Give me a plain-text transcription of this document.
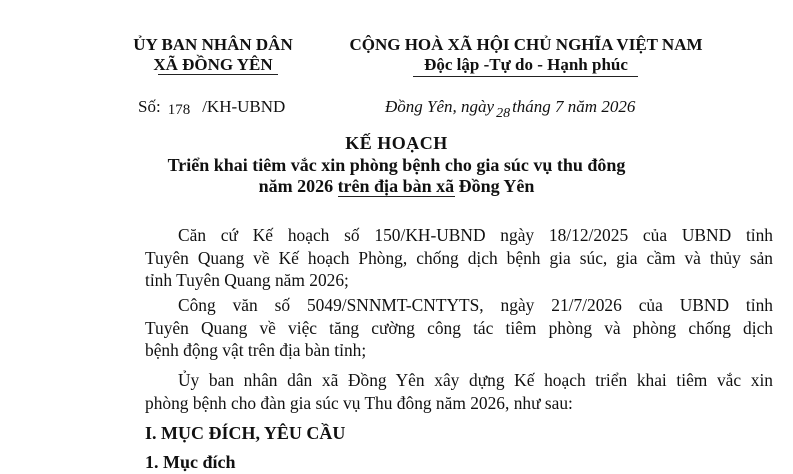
ỦY BAN NHÂN DÂN
XÃ ĐỒNG YÊN
CỘNG HOÀ XÃ HỘI CHỦ NGHĨA VIỆT NAM
Độc lập -Tự do - Hạnh phúc
Số: 178 /KH-UBND	Đồng Yên, ngày $_{28}$ tháng 7 năm 2026
KẾ HOẠCH
Triển khai tiêm vắc xin phòng bệnh cho gia súc vụ thu đông
năm 2026 trên địa bàn xã Đồng Yên

Căn cứ Kế hoạch số 150/KH-UBND ngày 18/12/2025 của UBND tỉnh

Tuyên Quang về Kế hoạch Phòng, chống dịch bệnh gia súc, gia cầm và thủy sản
tỉnh Tuyên Quang năm 2026;

Công văn số 5049/SNNMT-CNTYTS, ngày 21/7/2026 của UBND tỉnh

Tuyên Quang về việc tăng cường công tác tiêm phòng và phòng chống dịch
bệnh động vật trên địa bàn tỉnh;

Ủy ban nhân dân xã Đồng Yên xây dựng Kế hoạch triển khai tiêm vắc xin

phòng bệnh cho đàn gia súc vụ Thu đông năm 2026, như sau:
I. MỤC ĐÍCH, YÊU CẦU
1. Mục đích
